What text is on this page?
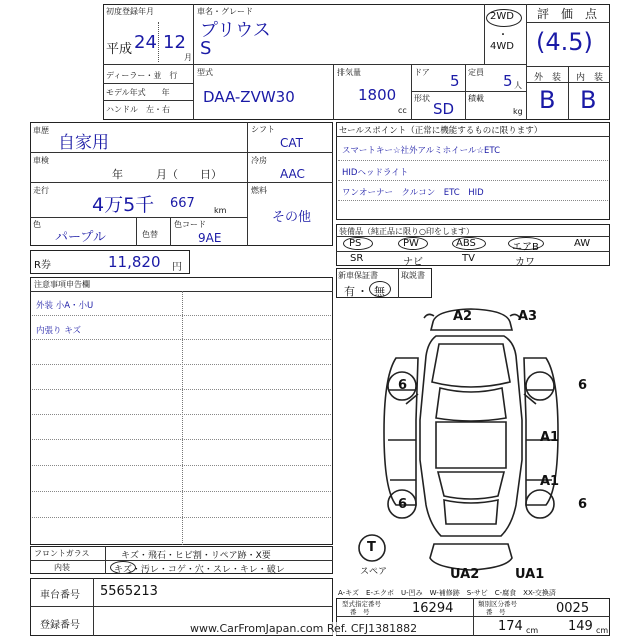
初度登録年月
平成 24 12
月
車名・グレード
プリウス
S
2WD
・
4WD
評　価　点
(4.5)
外　装 内　装
B B
ディーラー・並　行
モデル年式　　年
ハンドル　左・右
型式
DAA-ZVW30
排気量
1800
cc
ドア 5 定員 5 人
形状
SD
積載
kg
車歴
自家用
車検
年　　　月（　　日）
走行
4万5千 667 km
色
パープル	色替
色コード
9AE
シフト
CAT
冷房
AAC
燃料
その他
R券	11,820 円
セールスポイント（正常に機能するものに限ります）
スマートキー☆社外アルミホイール☆ETC
HIDヘッドライト
ワンオーナー　クルコン　ETC　HID
装備品（純正品に限り○印をします）
PS	PW	ABS	エアB	AW
SR	ナビ	TV	カワ
新車保証書	取説書
有 ・ 無
注意事項申告欄
外装 小A・小U
内張り キズ
フロントガラス	キズ・飛石・ヒビ割・リペア跡・X要
内装	キズ・汚レ・コゲ・穴・スレ・キレ・破レ
車台番号 5565213
登録番号
A2	A3
6	6
A1
A1
6	6
T
UA2	UA1
スペア
A-キズ　E-エクボ　U-凹み　W-補修跡　S-サビ　C-腐食　XX-交換済
型式指定番号
番　号	16294	類別区分番号
番　号	0025
174 cm 149 cm
www.CarFromJapan.com Ref. CFJ1381882
